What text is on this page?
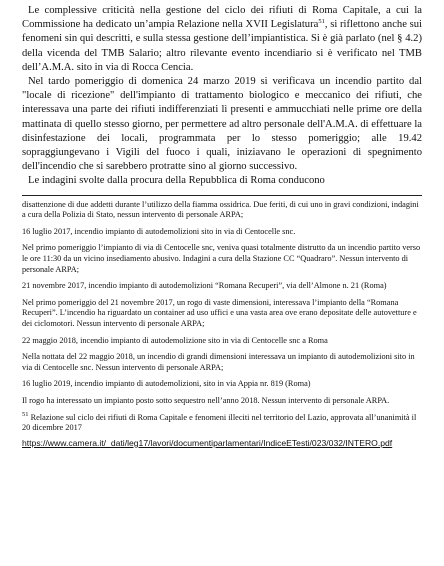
Le complessive criticità nella gestione del ciclo dei rifiuti di Roma Capitale, a cui la Commissione ha dedicato un’ampia Relazione nella XVII Legislatura$^{51}$, si riflettono anche sui fenomeni sin qui descritti, e sulla stessa gestione dell’impiantistica. Si è già parlato (nel § 4.2) della vicenda del TMB Salario; altro rilevante evento incendiario si è verificato nel TMB dell’A.M.A. sito in via di Rocca Cencia.

Nel tardo pomeriggio di domenica 24 marzo 2019 si verificava un incendio partito dal "locale di ricezione" dell'impianto di trattamento biologico e meccanico dei rifiuti, che interessava una parte dei rifiuti indifferenziati lì presenti e ammucchiati nelle prime ore della mattinata di quello stesso giorno, per permettere ad altro personale dell'A.M.A. di effettuare la disinfestazione dei locali, programmata per lo stesso pomeriggio; alle 19.42 sopraggiungevano i Vigili del fuoco i quali, iniziavano le operazioni di spegnimento dell'incendio che si sarebbero protratte sino al giorno successivo.

Le indagini svolte dalla procura della Repubblica di Roma conducono

disattenzione di due addetti durante l’utilizzo della fiamma ossidrica. Due feriti, di cui uno in gravi condizioni, indagini a cura della Polizia di Stato, nessun intervento di personale ARPA;

16 luglio 2017, incendio impianto di autodemolizioni sito in via di Centocelle snc.

Nel primo pomeriggio l’impianto di via di Centocelle snc, veniva quasi totalmente distrutto da un incendio partito verso le ore 11:30 da un vicino insediamento abusivo. Indagini a cura della Stazione CC “Quadraro”. Nessun intervento di personale ARPA;

21 novembre 2017, incendio impianto di autodemolizioni “Romana Recuperi”, via dell’Almone n. 21 (Roma)

Nel primo pomeriggio del 21 novembre 2017, un rogo di vaste dimensioni, interessava l’impianto della “Romana Recuperi”. L’incendio ha riguardato un container ad uso uffici e una vasta area ove erano depositate delle autovetture e dei ciclomotori. Nessun intervento di personale ARPA;

22 maggio 2018, incendio impianto di autodemolizione sito in via di Centocelle snc a Roma

Nella nottata del 22 maggio 2018, un incendio di grandi dimensioni interessava un impianto di autodemolizioni sito in via di Centocelle snc. Nessun intervento di personale ARPA;

16 luglio 2019, incendio impianto di autodemolizioni, sito in via Appia nr. 819 (Roma)

Il rogo ha interessato un impianto posto sotto sequestro nell’anno 2018. Nessun intervento di personale ARPA.

$^{51}$ Relazione sul ciclo dei rifiuti di Roma Capitale e fenomeni illeciti nel territorio del Lazio, approvata all’unanimità il 20 dicembre 2017

https://www.camera.it/_dati/leg17/lavori/documentiparlamentari/IndiceETesti/023/032/INTERO.pdf
